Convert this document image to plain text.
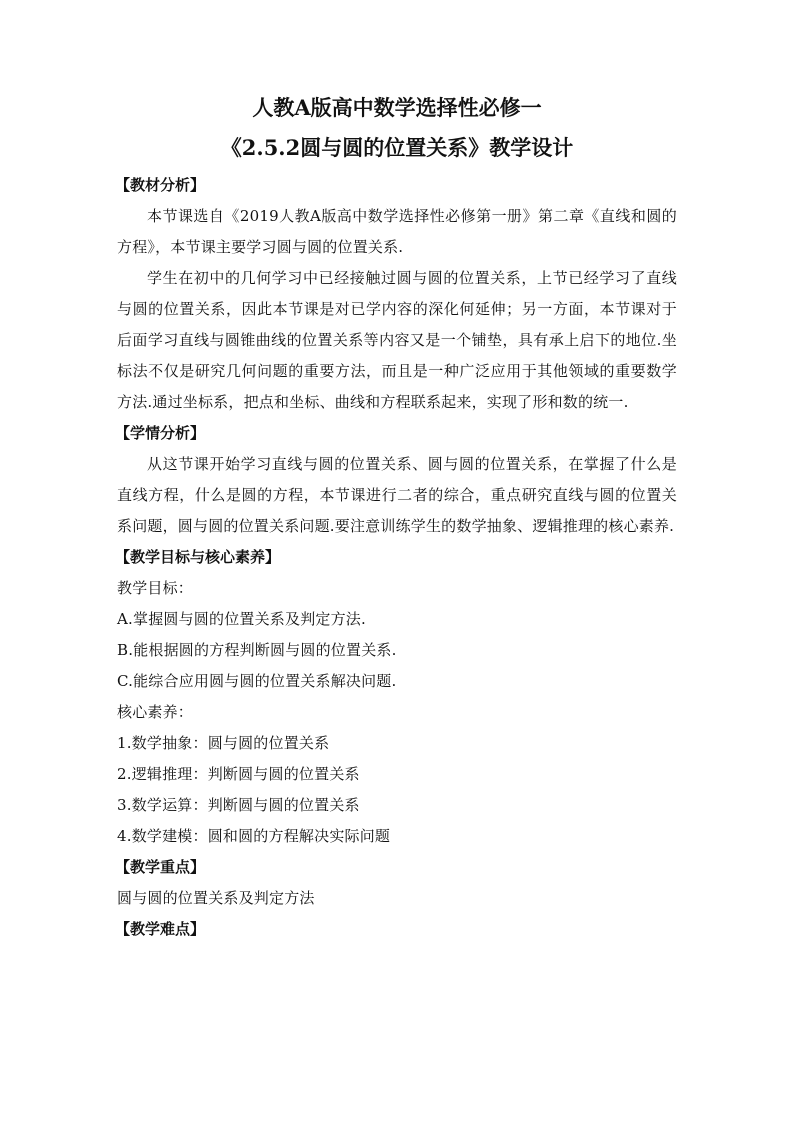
人教A版高中数学选择性必修一
《2.5.2圆与圆的位置关系》教学设计

【教材分析】

本节课选自《2019人教A版高中数学选择性必修第一册》第二章《直线和圆的方程》，本节课主要学习圆与圆的位置关系.

学生在初中的几何学习中已经接触过圆与圆的位置关系，上节已经学习了直线与圆的位置关系，因此本节课是对已学内容的深化何延伸；另一方面，本节课对于后面学习直线与圆锥曲线的位置关系等内容又是一个铺垫，具有承上启下的地位.坐标法不仅是研究几何问题的重要方法，而且是一种广泛应用于其他领域的重要数学方法.通过坐标系，把点和坐标、曲线和方程联系起来，实现了形和数的统一.

【学情分析】

从这节课开始学习直线与圆的位置关系、圆与圆的位置关系，在掌握了什么是直线方程，什么是圆的方程，本节课进行二者的综合，重点研究直线与圆的位置关系问题，圆与圆的位置关系问题.要注意训练学生的数学抽象、逻辑推理的核心素养.

【教学目标与核心素养】

教学目标：

A.掌握圆与圆的位置关系及判定方法.

B.能根据圆的方程判断圆与圆的位置关系.

C.能综合应用圆与圆的位置关系解决问题.

核心素养：

1.数学抽象：圆与圆的位置关系

2.逻辑推理：判断圆与圆的位置关系

3.数学运算：判断圆与圆的位置关系

4.数学建模：圆和圆的方程解决实际问题

【教学重点】

圆与圆的位置关系及判定方法

【教学难点】
